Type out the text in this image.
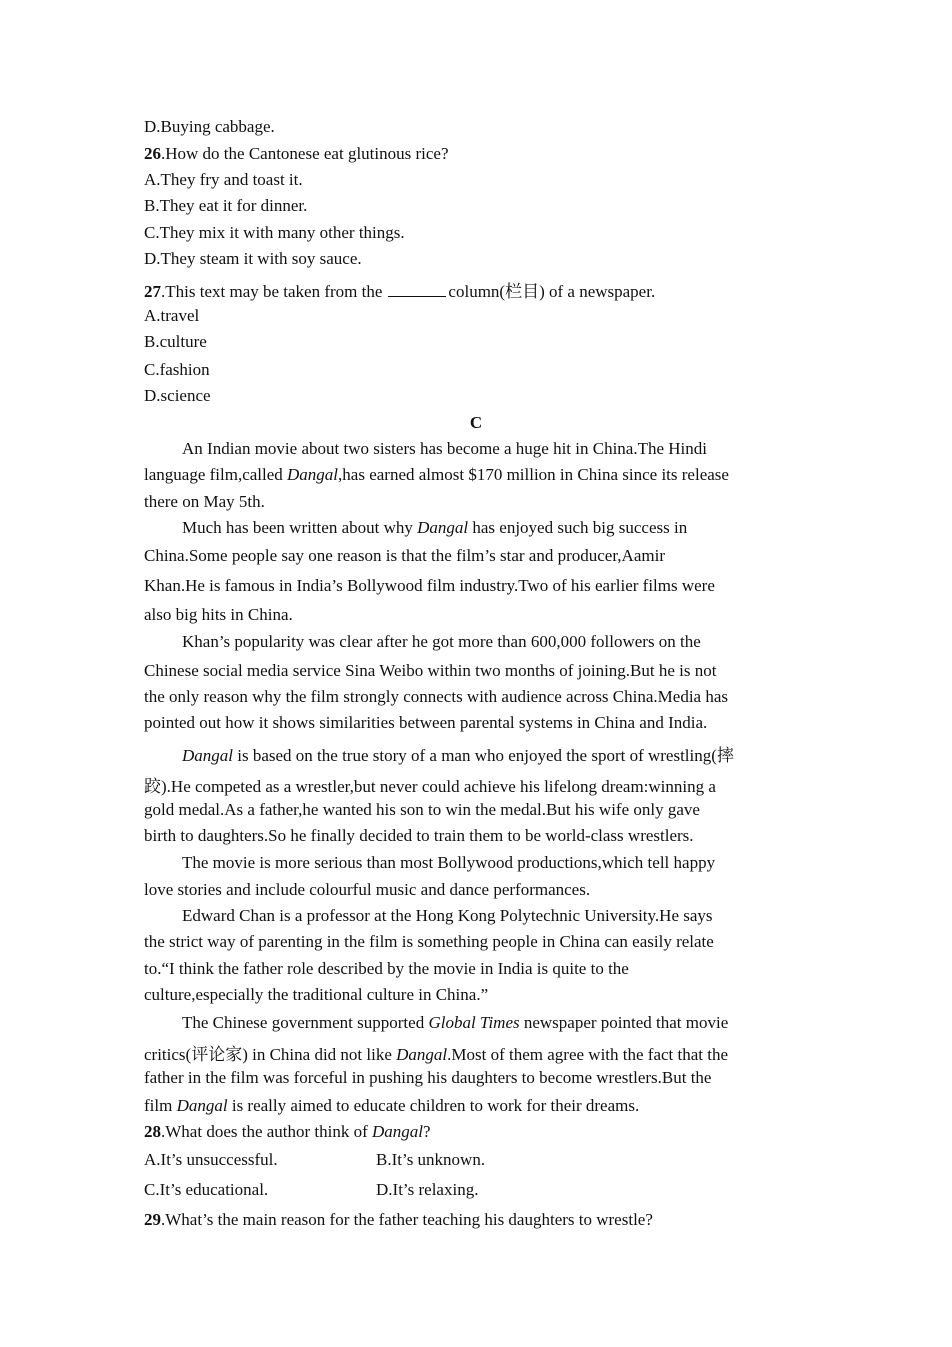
D.Buying cabbage.
26.How do the Cantonese eat glutinous rice?
A.They fry and toast it.
B.They eat it for dinner.
C.They mix it with many other things.
D.They steam it with soy sauce.
27.This text may be taken from the	column(栏目) of a newspaper.
A.travel
B.culture
C.fashion
D.science
C
An Indian movie about two sisters has become a huge hit in China.The Hindi
language film,called Dangal,has earned almost $170 million in China since its release
there on May 5th.
Much has been written about why Dangal has enjoyed such big success in
China.Some people say one reason is that the film’s star and producer,Aamir
Khan.He is famous in India’s Bollywood film industry.Two of his earlier films were
also big hits in China.
Khan’s popularity was clear after he got more than 600,000 followers on the
Chinese social media service Sina Weibo within two months of joining.But he is not
the only reason why the film strongly connects with audience across China.Media has
pointed out how it shows similarities between parental systems in China and India.
Dangal is based on the true story of a man who enjoyed the sport of wrestling(摔
跤).He competed as a wrestler,but never could achieve his lifelong dream:winning a
gold medal.As a father,he wanted his son to win the medal.But his wife only gave
birth to daughters.So he finally decided to train them to be world-class wrestlers.
The movie is more serious than most Bollywood productions,which tell happy
love stories and include colourful music and dance performances.
Edward Chan is a professor at the Hong Kong Polytechnic University.He says
the strict way of parenting in the film is something people in China can easily relate
to.“I think the father role described by the movie in India is quite to the
culture,especially the traditional culture in China.”
The Chinese government supported Global Times newspaper pointed that movie
critics(评论家) in China did not like Dangal.Most of them agree with the fact that the
father in the film was forceful in pushing his daughters to become wrestlers.But the
film Dangal is really aimed to educate children to work for their dreams.
28.What does the author think of Dangal?
A.It’s unsuccessful.	B.It’s unknown.
C.It’s educational.	D.It’s relaxing.
29.What’s the main reason for the father teaching his daughters to wrestle?
